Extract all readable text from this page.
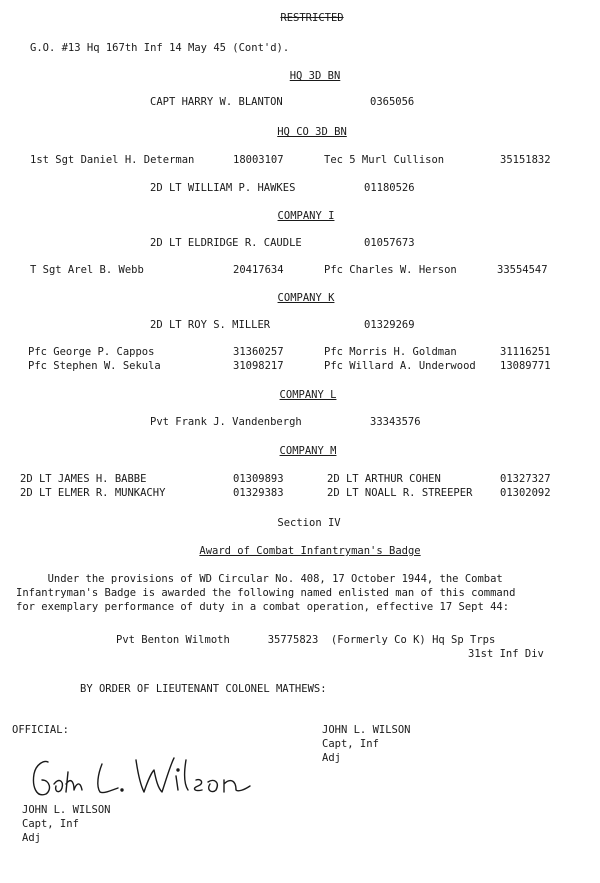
RESTRICTED
G.O. #13 Hq 167th Inf 14 May 45 (Cont'd).
HQ 3D BN
CAPT HARRY W. BLANTON	0365056
HQ CO 3D BN
1st Sgt Daniel H. Determan	18003107	Tec 5 Murl Cullison	35151832
2D LT WILLIAM P. HAWKES	01180526
COMPANY I
2D LT ELDRIDGE R. CAUDLE	01057673
T Sgt Arel B. Webb	20417634	Pfc Charles W. Herson	33554547
COMPANY K
2D LT ROY S. MILLER	01329269
Pfc George P. Cappos	31360257	Pfc Morris H. Goldman	31116251
Pfc Stephen W. Sekula	31098217	Pfc Willard A. Underwood 13089771
COMPANY L
Pvt Frank J. Vandenbergh	33343576
COMPANY M
2D LT JAMES H. BABBE	01309893	2D LT ARTHUR COHEN	01327327
2D LT ELMER R. MUNKACHY	01329383	2D LT NOALL R. STREEPER	01302092
Section IV
Award of Combat Infantryman's Badge
Under the provisions of WD Circular No. 408, 17 October 1944, the Combat
Infantryman's Badge is awarded the following named enlisted man of this command
for exemplary performance of duty in a combat operation, effective 17 Sept 44:
Pvt Benton Wilmoth      35775823  (Formerly Co K) Hq Sp Trps
31st Inf Div
BY ORDER OF LIEUTENANT COLONEL MATHEWS:
OFFICIAL:	JOHN L. WILSON
Capt, Inf
Adj
John L. Wilson
JOHN L. WILSON
Capt, Inf
Adj
